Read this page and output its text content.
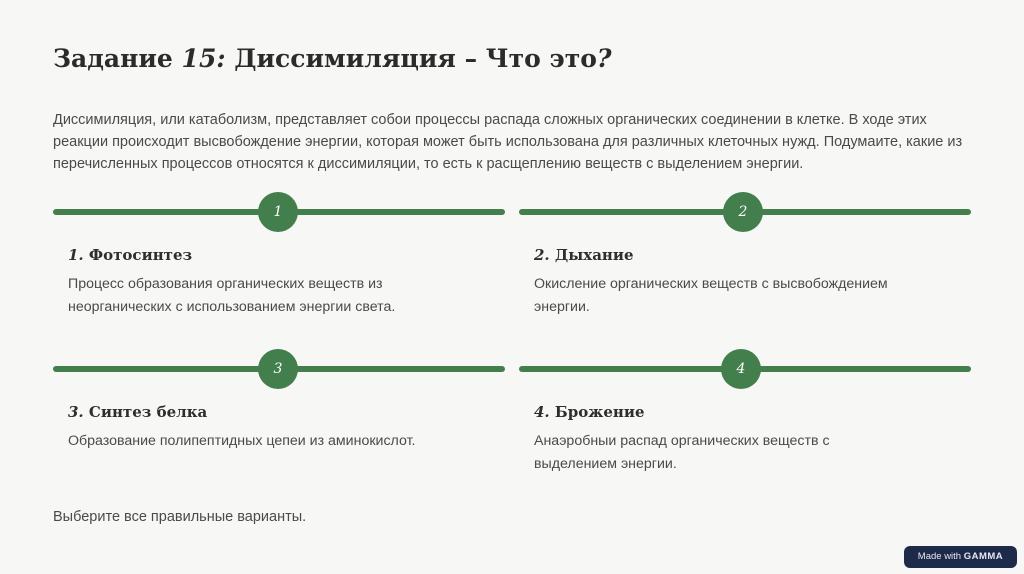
Задание 15: Диссимиляция – Что это?
Диссимиляция, или катаболизм, представляет собои процессы распада сложных органических соединении в клетке. В ходе этих реакции происходит высвобождение энергии, которая может быть использована для различных клеточных нужд. Подумаите, какие из перечисленных процессов относятся к диссимиляции, то есть к расщеплению веществ с выделением энергии.
1
1. Фотосинтез
Процесс образования органических веществ из неорганических с использованием энергии света.
2
2. Дыхание
Окисление органических веществ с высвобождением энергии.
3
3. Синтез белка
Образование полипептидных цепеи из аминокислот.
4
4. Брожение
Анаэробныи распад органических веществ с выделением энергии.
Выберите все правильные варианты.
Made with GAMMA
